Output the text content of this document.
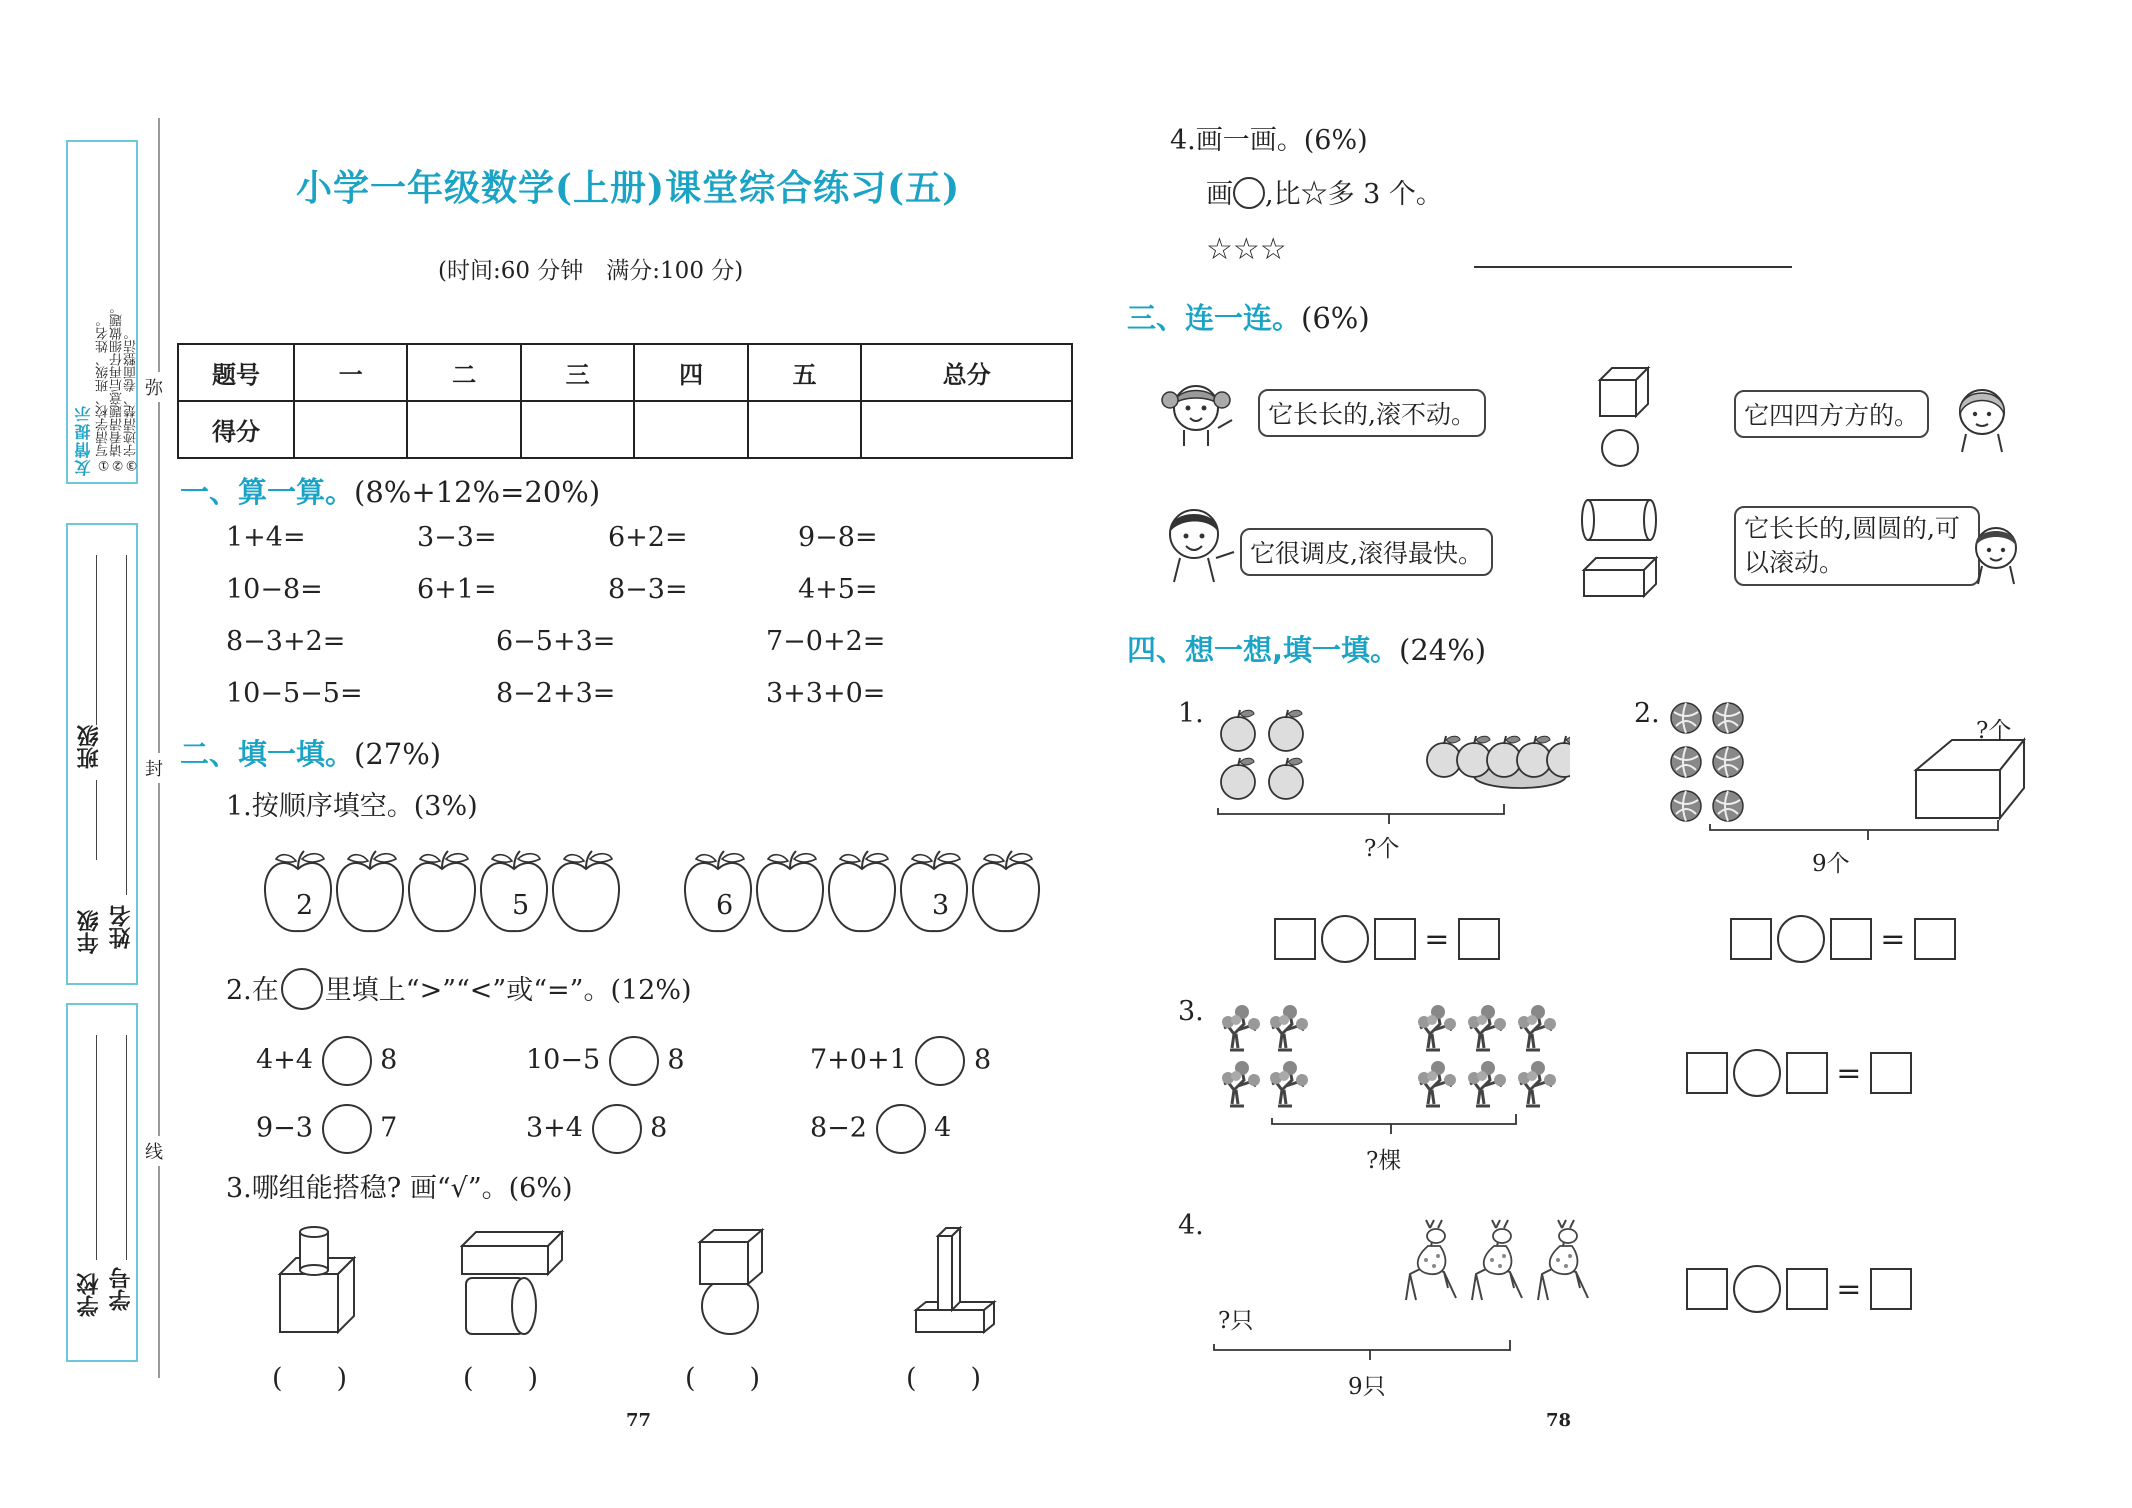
友情提示 ①写清学校、班级、姓名。 ②请看清题意后再仔细做题。 ③字迹清楚、卷面整洁。
班级
年级 姓名
学校 学号
弥
封
线
小学一年级数学(上册)课堂综合练习(五)
(时间:60 分钟　满分:100 分)
题号	一	二	三	四	五	总分
得分						
一、算一算。(8%+12%=20%)
1+4=	3−3=	6+2=	9−8=
10−8=	6+1=	8−3=	4+5=
8−3+2=	6−5+3=	7−0+2=
10−5−5=	8−2+3=	3+3+0=
二、填一填。(27%)
1.按顺序填空。(3%)
2	5	6	3
2.在 里填上“>”“<”或“=”。(12%)
4+4 8	10−5 8	7+0+1 8
9−3 7	3+4 8	8−2 4
3.哪组能搭稳? 画“√”。(6%)
(　　)	(　　)	(　　)	(　　)
77	78
4.画一画。(6%)
画 ,比☆多 3 个。
☆☆☆
三、连一连。(6%)
它长长的,滚不动。
它很调皮,滚得最快。
它四四方方的。
它长长的,圆圆的,可以滚动。
四、想一想,填一填。(24%)
1.
?个
=
2.
?个
9个
=
3.
?棵
=
4.
?只
9只
=
